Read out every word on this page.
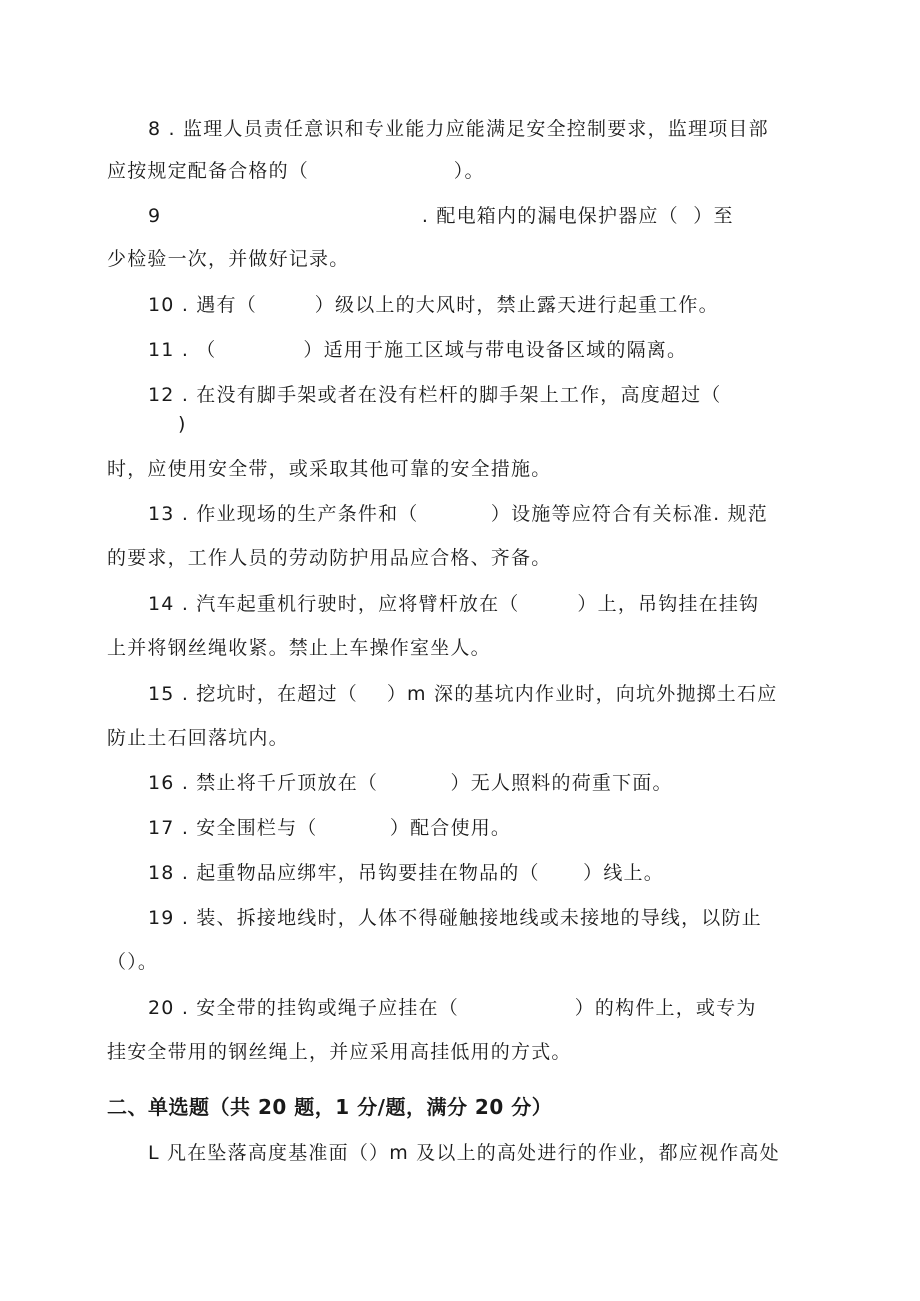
8 . 监理人员责任意识和专业能力应能满足安全控制要求，监理项目部
应按规定配备合格的（                    ）。
9                                    . 配电箱内的漏电保护器应（  ）至
少检验一次，并做好记录。
10 . 遇有（        ）级以上的大风时，禁止露天进行起重工作。
11 . （            ）适用于施工区域与带电设备区域的隔离。
12 . 在没有脚手架或者在没有栏杆的脚手架上工作，高度超过（
)
时，应使用安全带，或采取其他可靠的安全措施。
13 . 作业现场的生产条件和（          ）设施等应符合有关标准. 规范
的要求，工作人员的劳动防护用品应合格、齐备。
14 . 汽车起重机行驶时，应将臂杆放在（        ）上，吊钩挂在挂钩
上并将钢丝绳收紧。禁止上车操作室坐人。
15 . 挖坑时，在超过（    ）m 深的基坑内作业时，向坑外抛掷土石应
防止土石回落坑内。
16 . 禁止将千斤顶放在（          ）无人照料的荷重下面。
17 . 安全围栏与（          ）配合使用。
18 . 起重物品应绑牢，吊钩要挂在物品的（      ）线上。
19 . 装、拆接地线时，人体不得碰触接地线或未接地的导线，以防止
（）。
20 . 安全带的挂钩或绳子应挂在（                ）的构件上，或专为
挂安全带用的钢丝绳上，并应采用高挂低用的方式。
二、单选题（共 20 题，1 分/题，满分 20 分）
L 凡在坠落高度基准面（）m 及以上的高处进行的作业，都应视作高处
